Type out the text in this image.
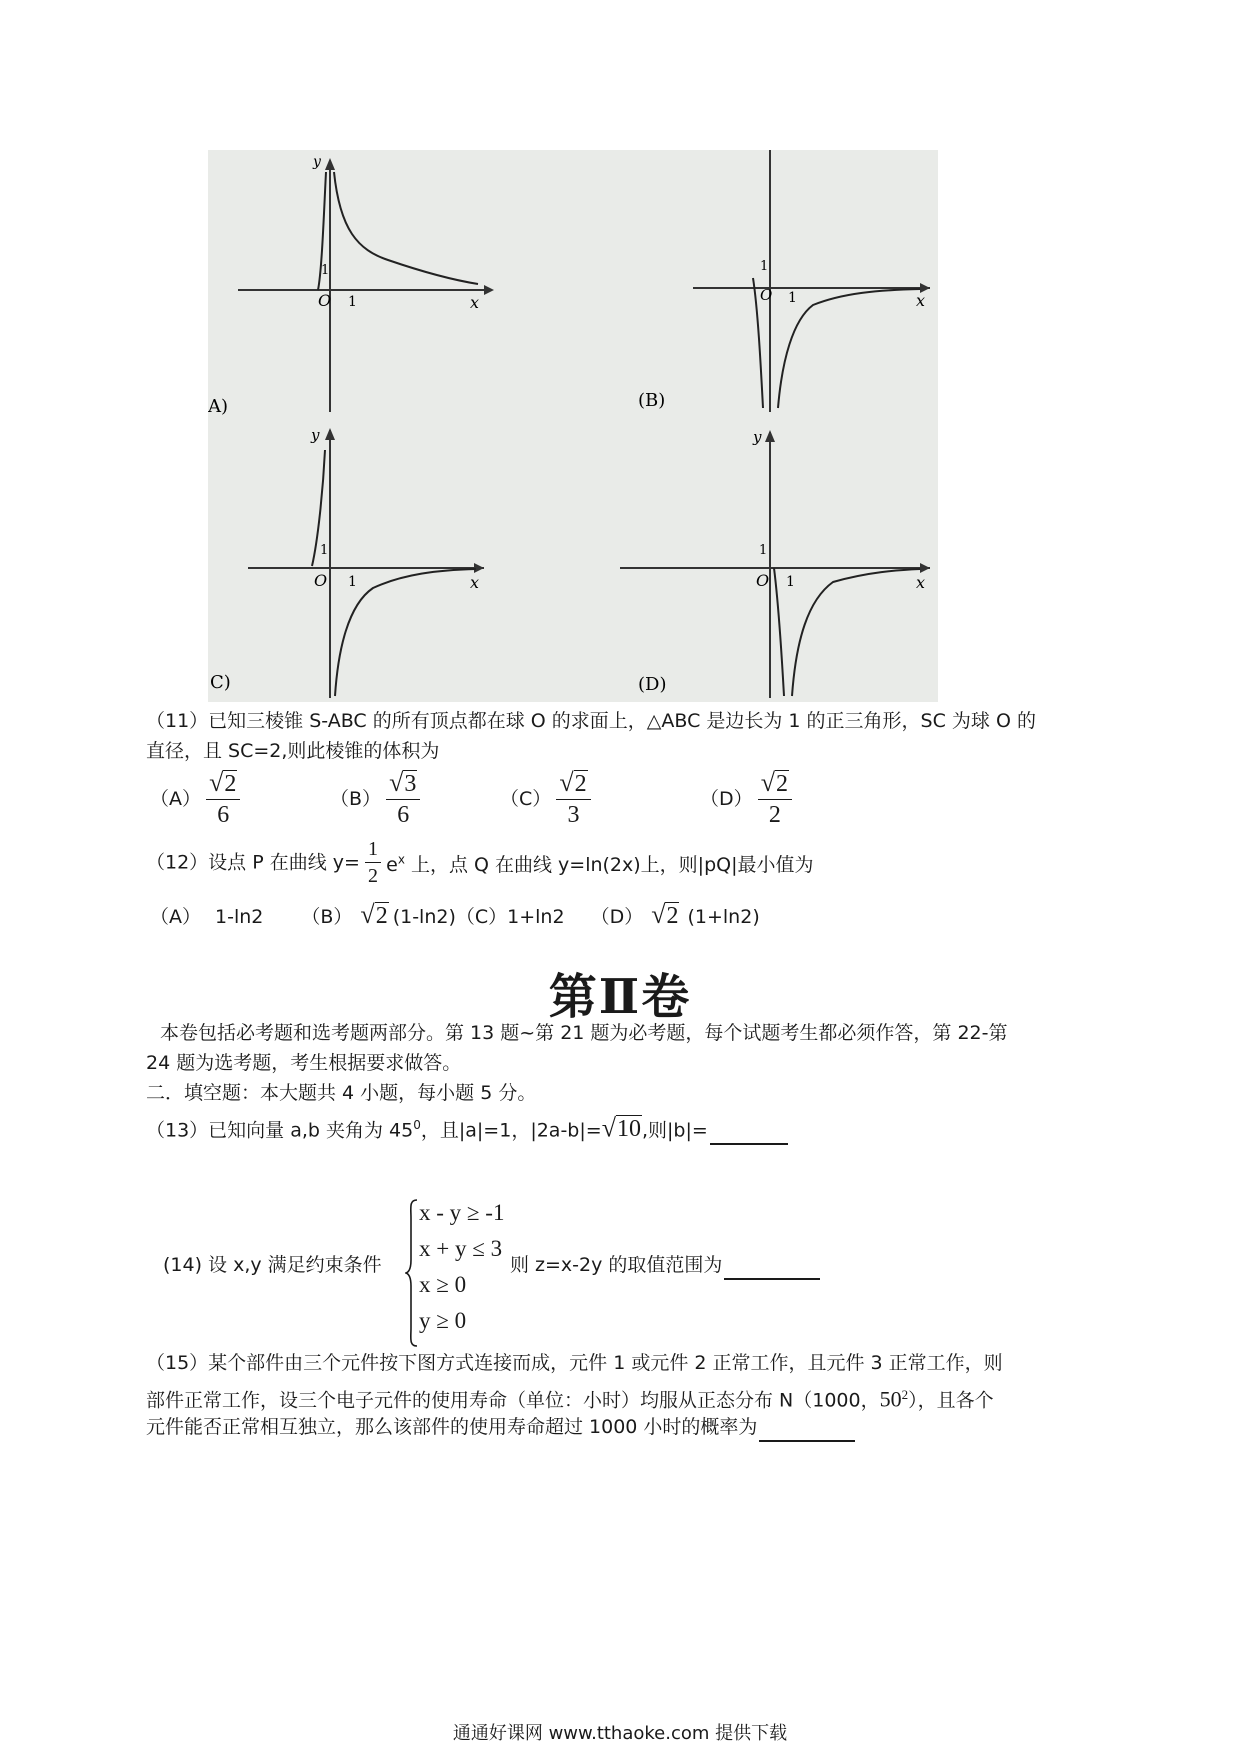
O 1
1
x
y
A)
O 1
1
x
(B)
O 1
1
x
y
C)
O 1
1
x
y
(D)
（11）已知三棱锥 S-ABC 的所有顶点都在球 O 的求面上，△ABC 是边长为 1 的正三角形，SC 为球 O 的
直径，且 SC=2,则此棱锥的体积为
$(A) \frac{√2}{6}$	$(B) \frac{√3}{6}$	$(C) \frac{√2}{3}$	$(D) \frac{√2}{2}$
（12）设点 P 在曲线 $y= \frac{1}{2} e^x$ 上，点 Q 在曲线 y=ln(2x)上，则|pQ|最小值为
（A） 1-ln2 （B） √2 (1-ln2)（C）1+ln2 （D） √2 (1+ln2)
第Ⅱ卷
本卷包括必考题和选考题两部分。第 13 题~第 21 题为必考题，每个试题考生都必须作答，第 22-第
24 题为选考题，考生根据要求做答。
二．填空题：本大题共 4 小题，每小题 5 分。
（13）已知向量 a,b 夹角为 $45^0$，且|a|=1，|2a-b|=√10,则|b|=
(14) 设 x,y 满足约束条件
x - y ≥ -1
x + y ≤ 3
x ≥ 0
y ≥ 0
则 z=x-2y 的取值范围为
（15）某个部件由三个元件按下图方式连接而成，元件 1 或元件 2 正常工作，且元件 3 正常工作，则
部件正常工作，设三个电子元件的使用寿命（单位：小时）均服从正态分布 N（1000，$50^2$），且各个
元件能否正常相互独立，那么该部件的使用寿命超过 1000 小时的概率为
通通好课网 www.tthaoke.com 提供下载
